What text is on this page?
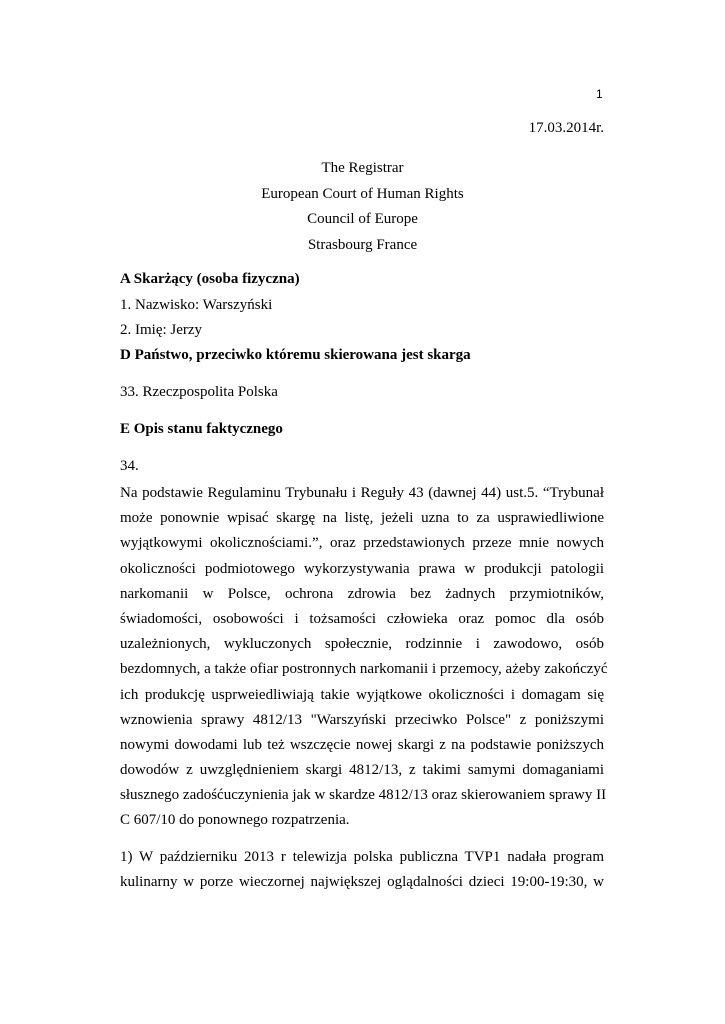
1
17.03.2014r.
The Registrar
European Court of Human Rights
Council of Europe
Strasbourg France
A Skarżący (osoba fizyczna)
1. Nazwisko: Warszyński
2. Imię: Jerzy
D Państwo, przeciwko któremu skierowana jest skarga
33. Rzeczpospolita Polska
E Opis stanu faktycznego
34.
Na podstawie Regulaminu Trybunału i Reguły 43 (dawnej 44) ust.5. “Trybunał
może ponownie wpisać skargę na listę, jeżeli uzna to za usprawiedliwione
wyjątkowymi okolicznościami.”, oraz przedstawionych przeze mnie nowych
okoliczności podmiotowego wykorzystywania prawa w produkcji patologii
narkomanii w Polsce, ochrona zdrowia bez żadnych przymiotników,
świadomości, osobowości i tożsamości człowieka oraz pomoc dla osób
uzależnionych, wykluczonych społecznie, rodzinnie i zawodowo, osób
bezdomnych, a także ofiar postronnych narkomanii i przemocy, ażeby zakończyć
ich produkcję usprweiedliwiają takie wyjątkowe okoliczności i domagam się
wznowienia sprawy 4812/13 "Warszyński przeciwko Polsce" z poniższymi
nowymi dowodami lub też wszczęcie nowej skargi z na podstawie poniższych
dowodów z uwzględnieniem skargi 4812/13, z takimi samymi domaganiami
słusznego zadośćuczynienia jak w skardze 4812/13 oraz skierowaniem sprawy II
C 607/10 do ponownego rozpatrzenia.
1) W październiku 2013 r telewizja polska publiczna TVP1 nadała program
kulinarny w porze wieczornej największej oglądalności dzieci 19:00-19:30, w
